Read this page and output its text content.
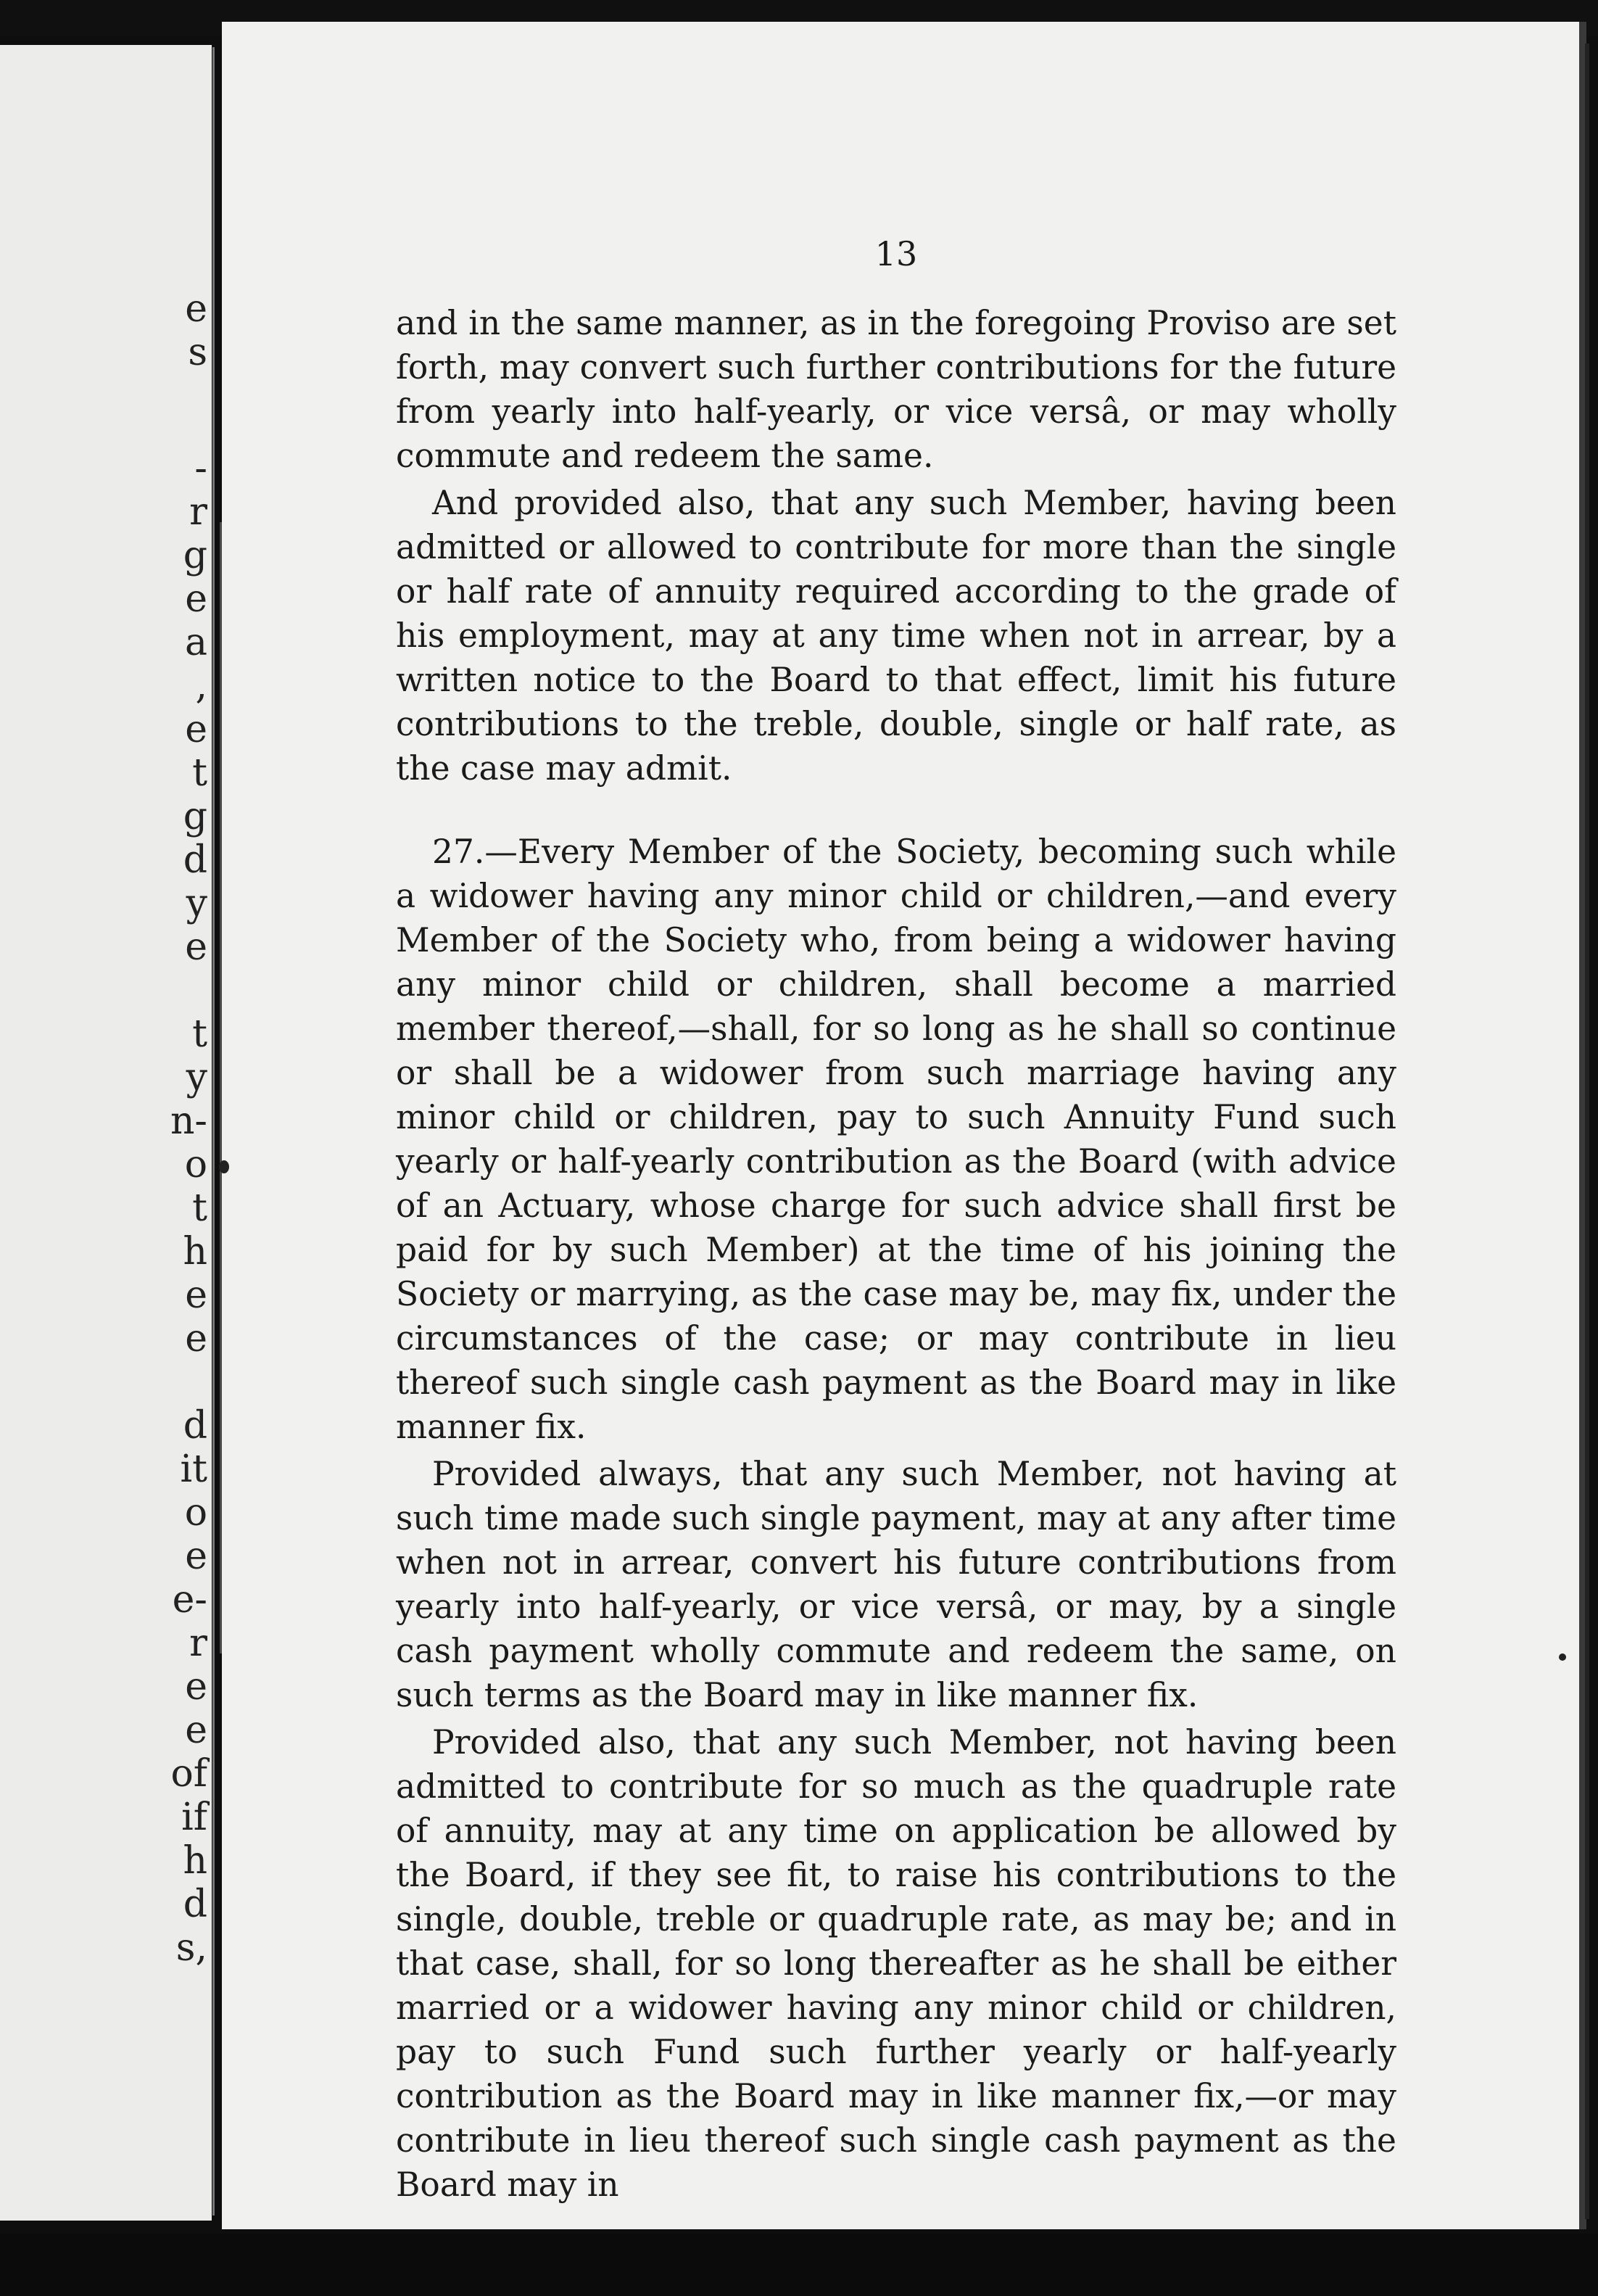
e
s
-
r
g
e
a
,
e
t
g
d
y
e
t
y
n-
o
t
h
e
e
d
it
o
e
e-
r
e
e
of
if
h
d
s,
13

and in the same manner, as in the foregoing Proviso are set forth, may convert such further contributions for the future from yearly into half-yearly, or vice versâ, or may wholly commute and redeem the same.

And provided also, that any such Member, having been admitted or allowed to contribute for more than the single or half rate of annuity required according to the grade of his employment, may at any time when not in arrear, by a written notice to the Board to that effect, limit his future contributions to the treble, double, single or half rate, as the case may admit.

27.—Every Member of the Society, becoming such while a widower having any minor child or children,—and every Member of the Society who, from being a widower having any minor child or children, shall become a married member thereof,—shall, for so long as he shall so continue or shall be a widower from such marriage having any minor child or children, pay to such Annuity Fund such yearly or half-yearly contribution as the Board (with advice of an Actuary, whose charge for such advice shall first be paid for by such Member) at the time of his joining the Society or marrying, as the case may be, may fix, under the circumstances of the case; or may contribute in lieu thereof such single cash payment as the Board may in like manner fix.

Provided always, that any such Member, not having at such time made such single payment, may at any after time when not in arrear, convert his future contributions from yearly into half-yearly, or vice versâ, or may, by a single cash payment wholly commute and redeem the same, on such terms as the Board may in like manner fix.

Provided also, that any such Member, not having been admitted to contribute for so much as the quadruple rate of annuity, may at any time on application be allowed by the Board, if they see fit, to raise his contributions to the single, double, treble or quadruple rate, as may be; and in that case, shall, for so long thereafter as he shall be either married or a widower having any minor child or children, pay to such Fund such further yearly or half-yearly contribution as the Board may in like manner fix,—or may contribute in lieu thereof such single cash payment as the Board may in
